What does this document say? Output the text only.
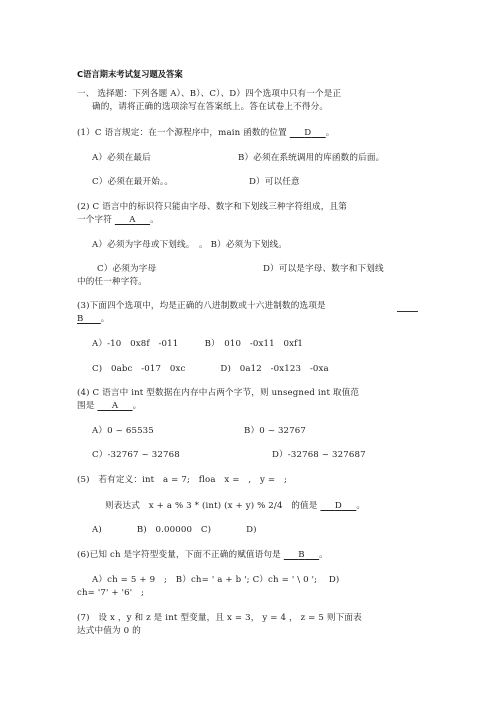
C语言期末考试复习题及答案
一、 选择题：下列各题 A）、B）、C）、D）四个选项中只有一个是正
确的，请将正确的选项涂写在答案纸上。答在试卷上不得分。
(1）C 语言规定：在一个源程序中，main 函数的位置 D 。
A）必须在最后	B）必须在系统调用的库函数的后面。
C）必须在最开始。。	D）可以任意
(2) C 语言中的标识符只能由字母、数字和下划线三种字符组成，且第
一个字符 A 。
A）必须为字母或下划线。　。 B）必须为下划线。
C）必须为字母	D）可以是字母、数字和下划线
中的任一种字符。
(3)下面四个选项中，均是正确的八进制数或十六进制数的选项是
B 。
A）-10　0x8f　-011　　　B）　010　-0x11　0xf1
C)　0abc　-017　0xc　　　　D)　0a12　-0x123　-0xa
(4) C 语言中 int 型数据在内存中占两个字节，则 unsegned int 取值范
围是 A 。
A）0 ~ 65535	B）0 ~ 32767
C）-32767 ~ 32768	D）-32768 ~ 327687
(5)　若有定义：int　a = 7;　floa　x =　,　y =　;
则表达式　x + a % 3 * (int) (x + y) % 2/4　的值是 D 。
A)　　　　B)　0.00000　C)　　　　D)
(6)已知 ch 是字符型变量，下面不正确的赋值语句是 B 。
A）ch = 5 + 9　;　B）ch= ' a + b '; C）ch = ' \ 0 ';　 D)
ch= '7' + '6'　;
(7)　设 x ，y 和 z 是 int 型变量，且 x = 3， y = 4 ， z = 5 则下面表
达式中值为 0 的
